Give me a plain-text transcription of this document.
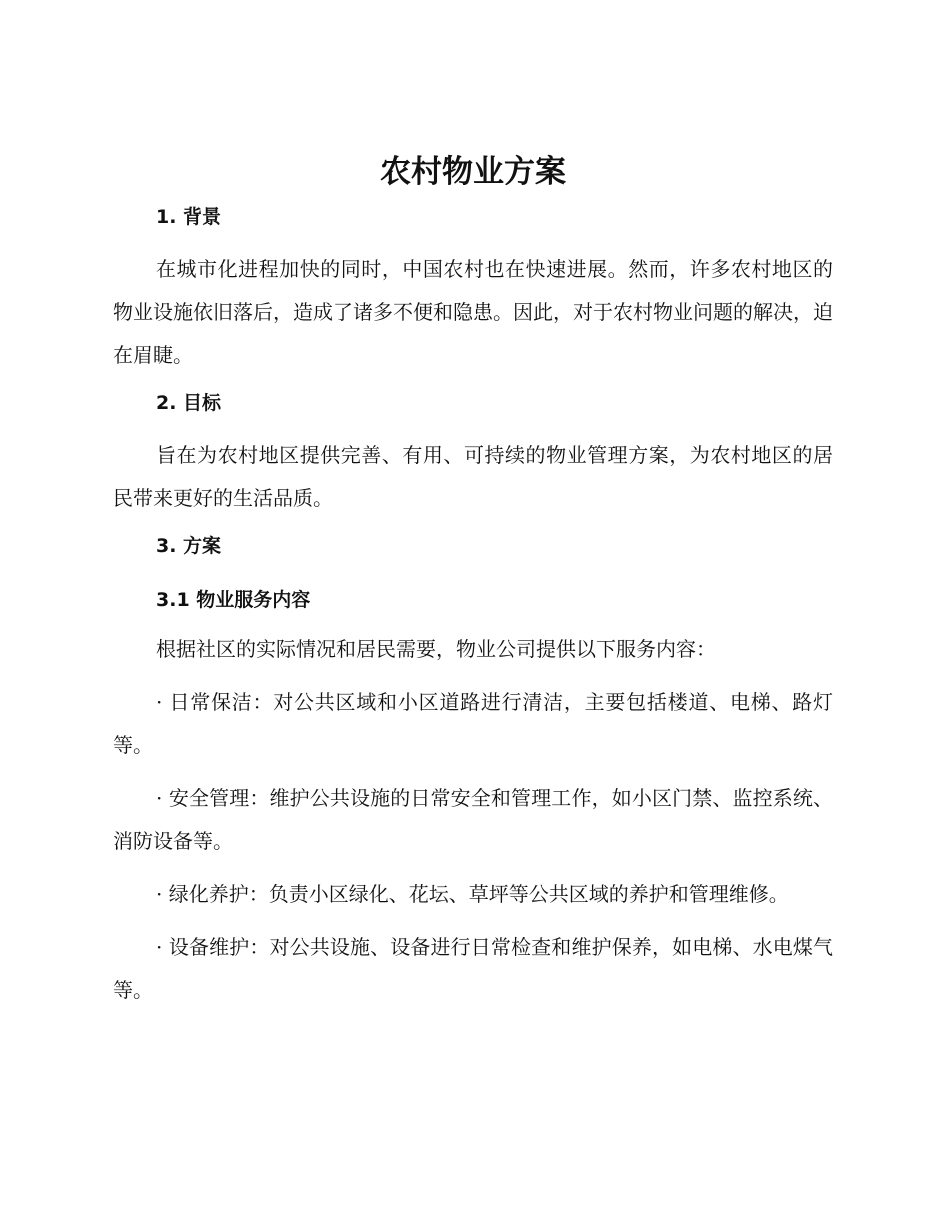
农村物业方案
1. 背景

在城市化进程加快的同时，中国农村也在快速进展。然而，许多农村地区的物业设施依旧落后，造成了诸多不便和隐患。因此，对于农村物业问题的解决，迫在眉睫。

2. 目标

旨在为农村地区提供完善、有用、可持续的物业管理方案，为农村地区的居民带来更好的生活品质。

3. 方案
3.1 物业服务内容

根据社区的实际情况和居民需要，物业公司提供以下服务内容：

· 日常保洁：对公共区域和小区道路进行清洁，主要包括楼道、电梯、路灯等。

· 安全管理：维护公共设施的日常安全和管理工作，如小区门禁、监控系统、消防设备等。

· 绿化养护：负责小区绿化、花坛、草坪等公共区域的养护和管理维修。

· 设备维护：对公共设施、设备进行日常检查和维护保养，如电梯、水电煤气等。
